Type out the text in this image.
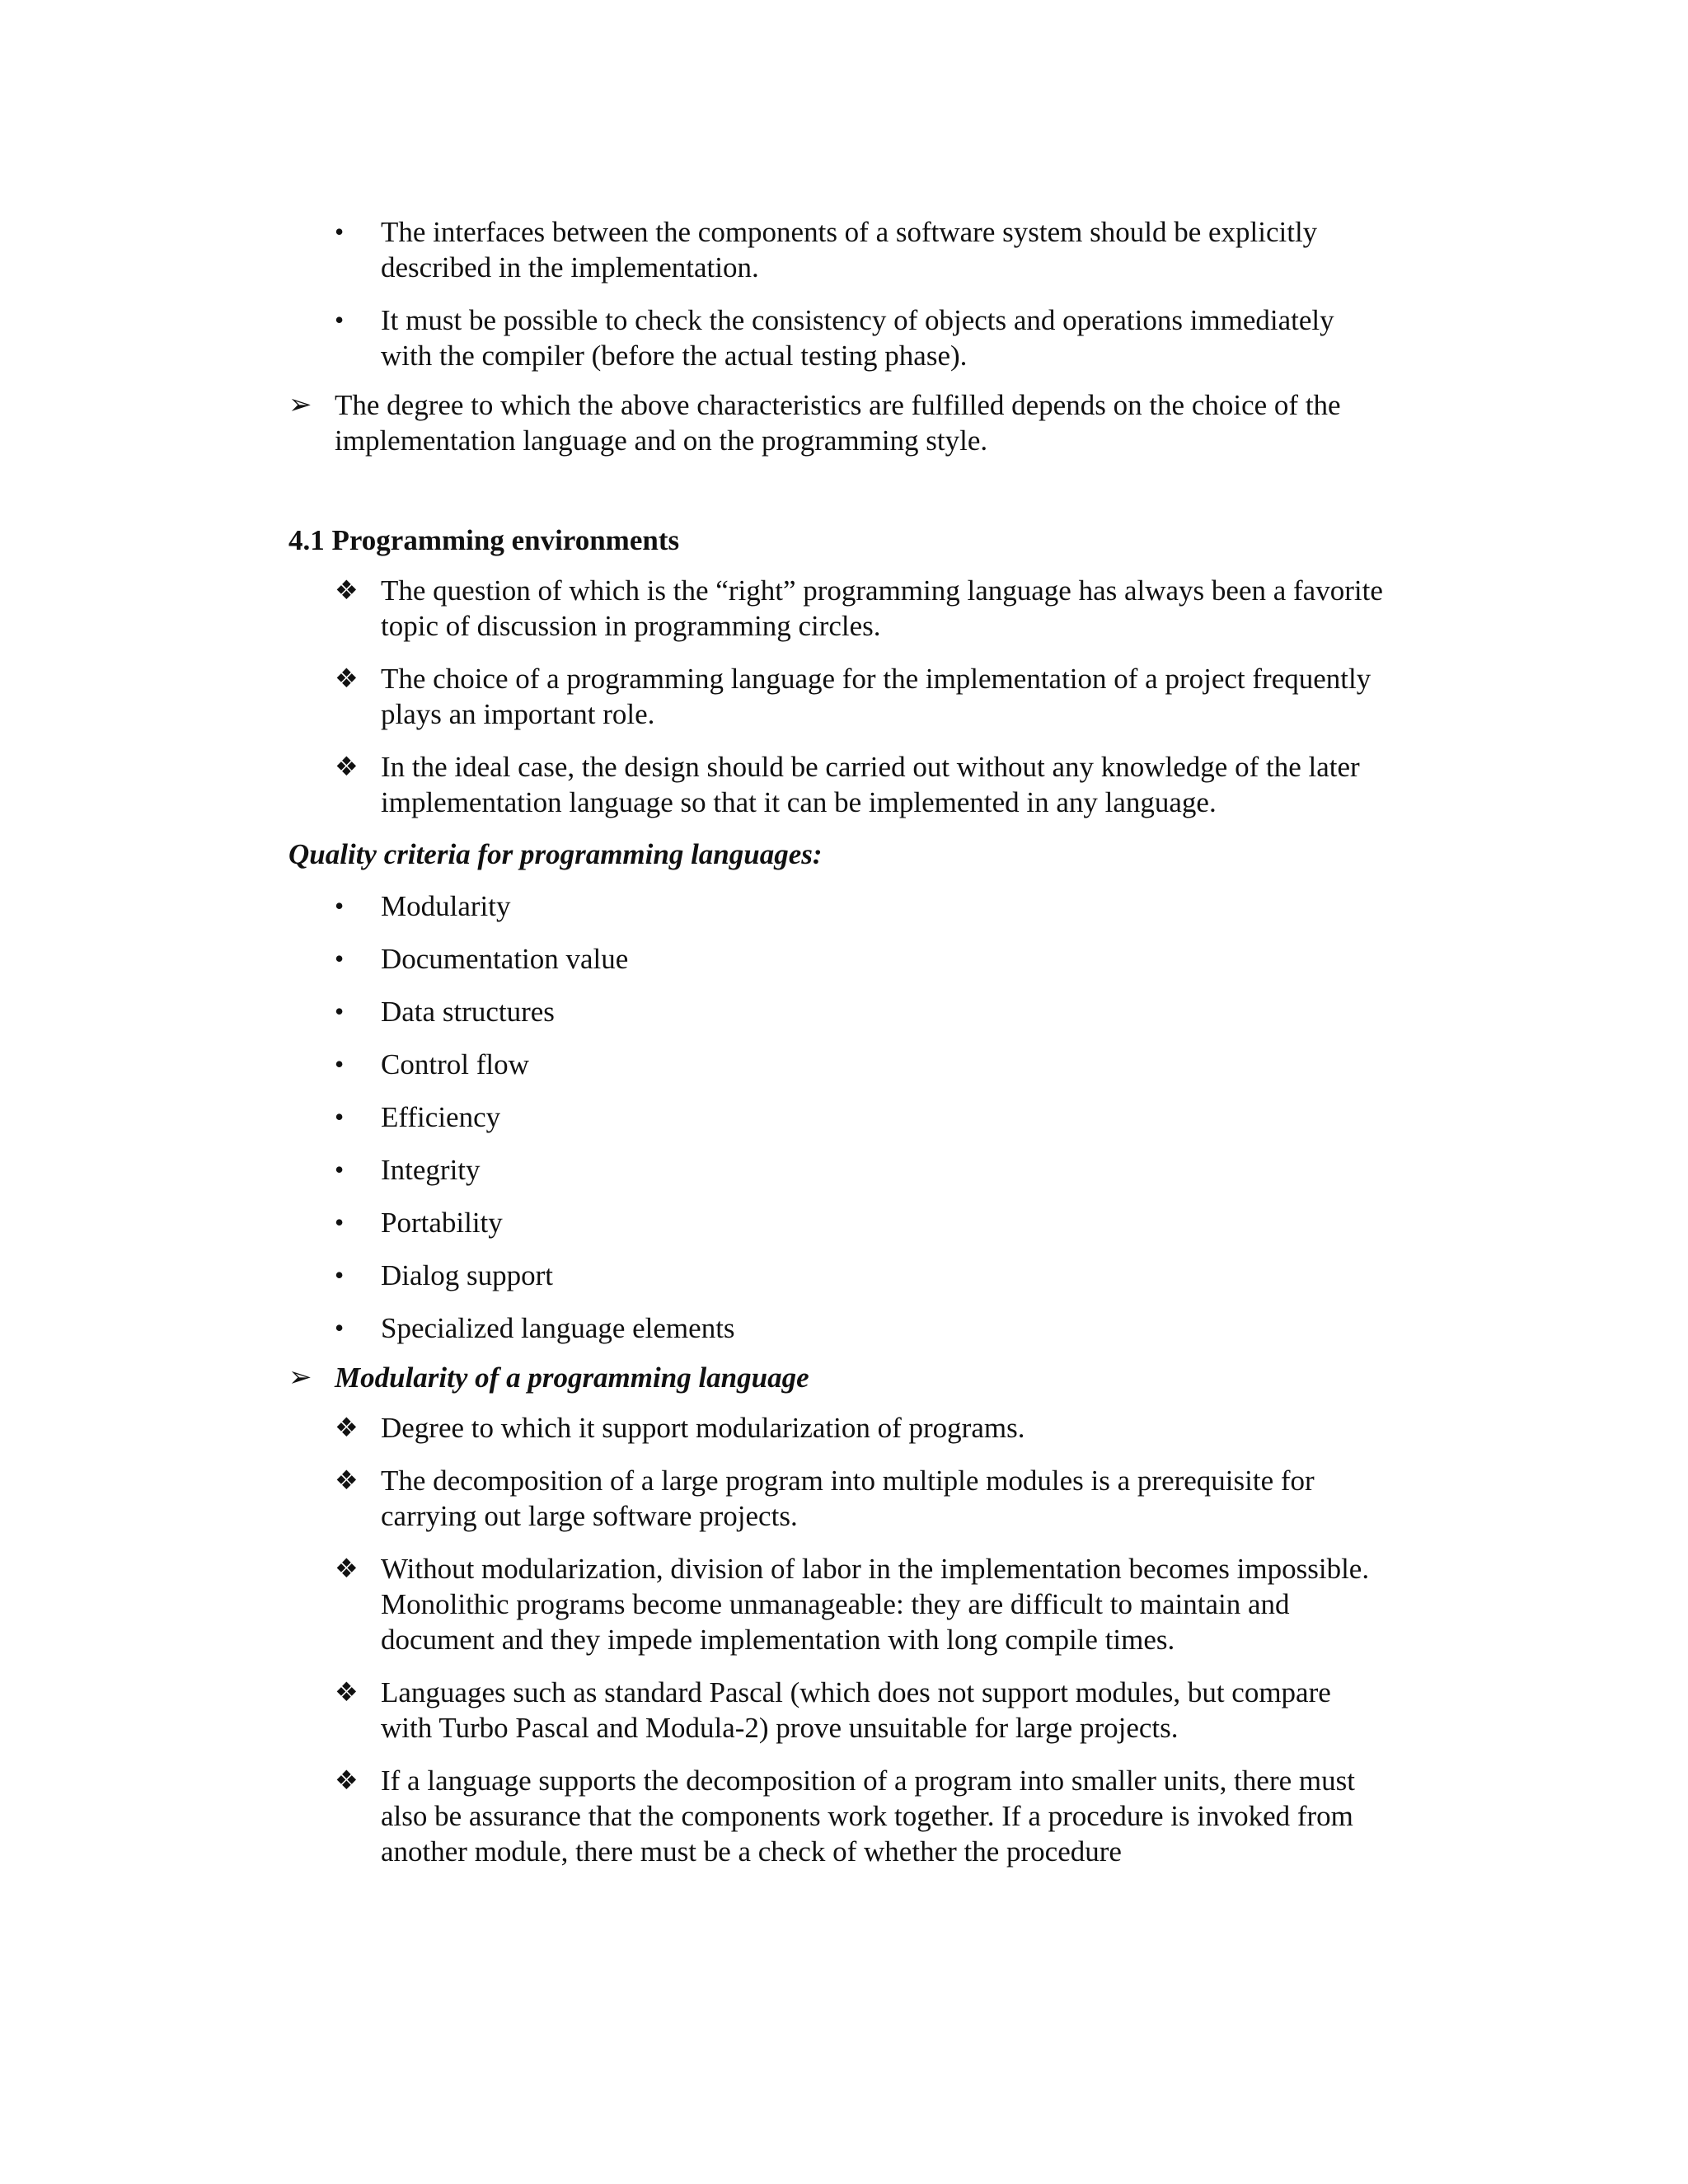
•	The interfaces between the components of a software system should be explicitly described in the implementation.
•	It must be possible to check the consistency of objects and operations immediately with the compiler (before the actual testing phase).
➢ The degree to which the above characteristics are fulfilled depends on the choice of the implementation language and on the programming style.
4.1 Programming environments
❖ The question of which is the “right” programming language has always been a favorite topic of discussion in programming circles.
❖ The choice of a programming language for the implementation of a project frequently plays an important role.
❖ In the ideal case, the design should be carried out without any knowledge of the later implementation language so that it can be implemented in any language.
Quality criteria for programming languages:
•	Modularity
•	Documentation value
•	Data structures
•	Control flow
•	Efficiency
•	Integrity
•	Portability
•	Dialog support
•	Specialized language elements
➢ Modularity of a programming language
❖ Degree to which it support modularization of programs.
❖ The decomposition of a large program into multiple modules is a prerequisite for carrying out large software projects.
❖ Without modularization, division of labor in the implementation becomes impossible. Monolithic programs become unmanageable: they are difficult to maintain and document and they impede implementation with long compile times.
❖ Languages such as standard Pascal (which does not support modules, but compare with Turbo Pascal and Modula-2) prove unsuitable for large projects.
❖ If a language supports the decomposition of a program into smaller units, there must also be assurance that the components work together. If a procedure is invoked from another module, there must be a check of whether the procedure
